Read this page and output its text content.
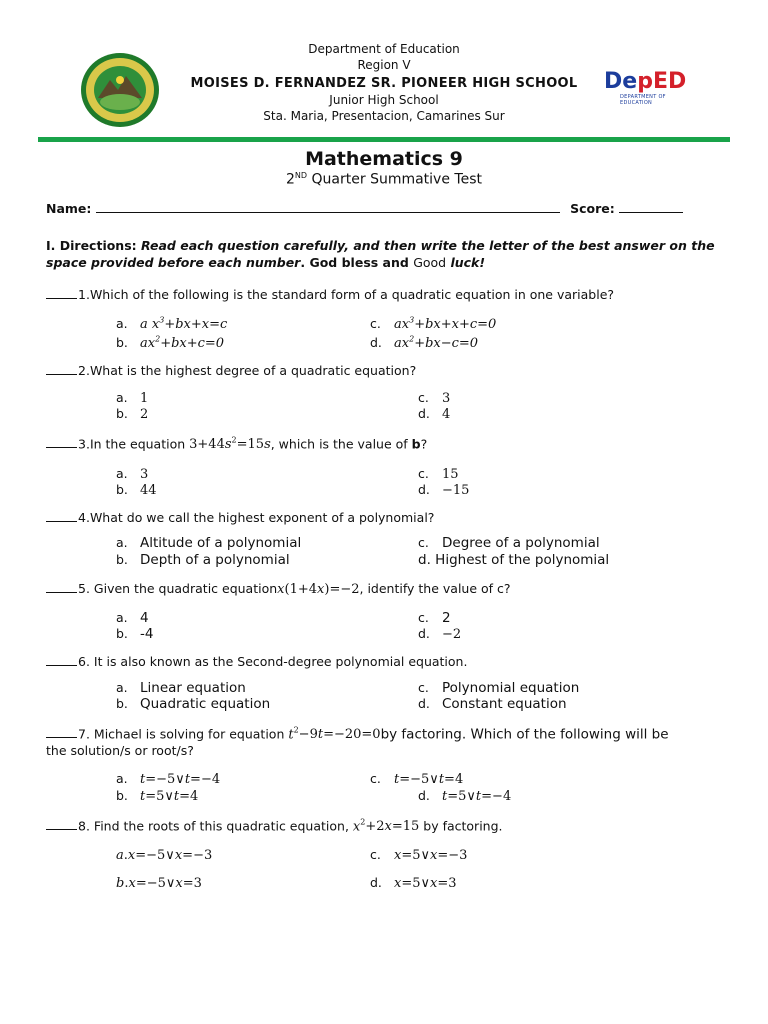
Department of Education
Region V
MOISES D. FERNANDEZ SR. PIONEER HIGH SCHOOL
Junior High School
Sta. Maria, Presentacion, Camarines Sur
DepED
DEPARTMENT OF EDUCATION
Mathematics 9
2ND Quarter Summative Test
Name:	Score:
I. Directions: Read each question carefully, and then write the letter of the best answer on the space provided before each number. God bless and Good luck!
1.Which of the following is the standard form of a quadratic equation in one variable?
a. a $x^3+bx+x=c$
b. $ax^2+bx+c=0$
c. $ax^3+bx+x+c=0$
d. $ax^2+bx-c=0$
2.What is the highest degree of a quadratic equation?
a. 1
b. 2
c. 3
d. 4
3.In the equation $3+44s^2=15s$, which is the value of b?
a. 3
b. 44
c. 15
d. −15
4.What do we call the highest exponent of a polynomial?
a. Altitude of a polynomial
b. Depth of a polynomial
c. Degree of a polynomial
d. Highest of the polynomial
5. Given the quadratic equationx(1+4x)=−2, identify the value of c?
a. 4
b. -4
c. 2
d. −2
6. It is also known as the Second-degree polynomial equation.
a. Linear equation
b. Quadratic equation
c. Polynomial equation
d. Constant equation
7. Michael is solving for equation $t^2-9t=-20=0by$ factoring. Which of the following will be
the solution/s or root/s?
a. t=−5∨t=−4
b. t=5∨t=4
c. t=−5∨t=4
d. t=5∨t=−4
8. Find the roots of this quadratic equation, $x^2+2x=15$ by factoring.
a.x=−5∨x=−3
b.x=−5∨x=3
c. x=5∨x=−3
d. x=5∨x=3
